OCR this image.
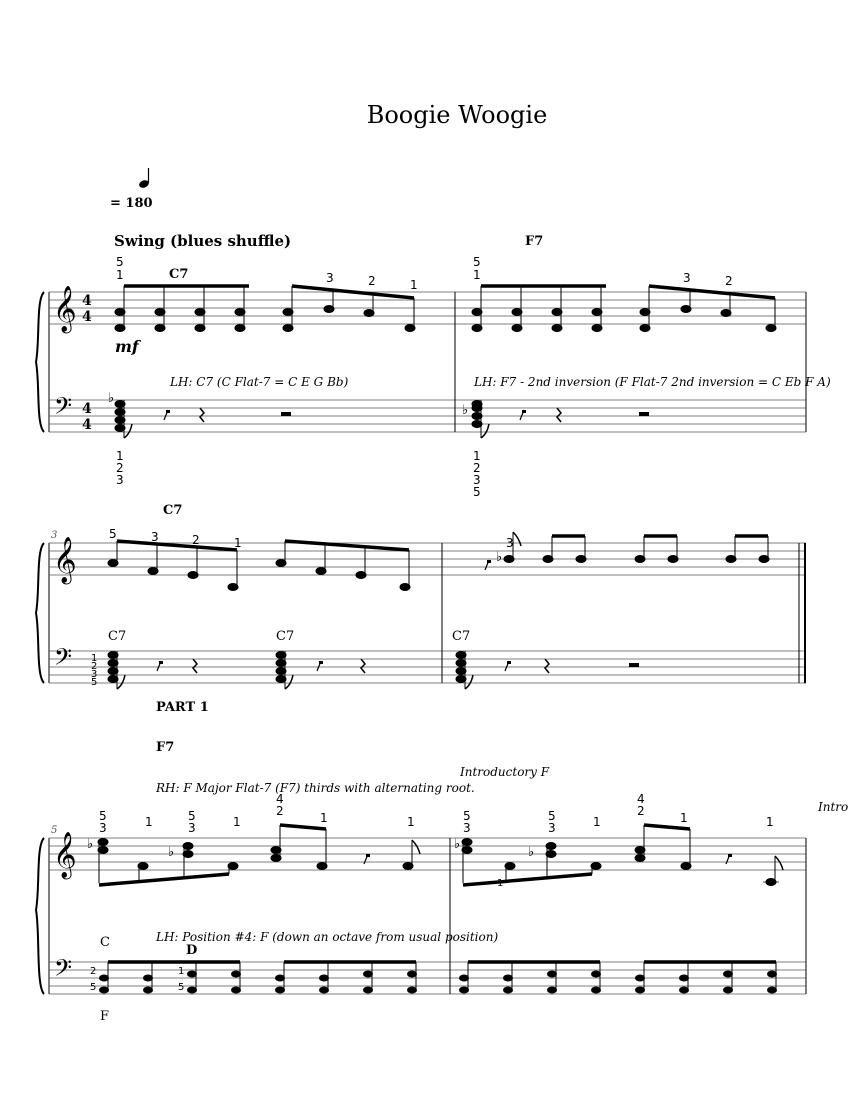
Boogie Woogie
= 180
Swing (blues shuffle)
C7
F7
𝄞
𝄢
4
4
4
4
5
1	3	2	1
5
1	3	2
mf
LH: C7 (C Flat-7 = C E G Bb)	LH: F7 - 2nd inversion (F Flat-7 2nd inversion = C Eb F A)
♭
1
2
3
♭
1
2
3
5
C7
3
𝄞
𝄢
5	3	2	1
♭
3
C7	C7	C7
1
2
3
5
PART 1
F7
Introductory F
RH: F Major Flat-7 (F7) thirds with alternating root.
Intro
5
𝄞
𝄢
♭
♭
5
3	1	5
3	1
4
2	1	1
♭
♭
5
3
1
5
3	1
4
2	1	1
LH: Position #4: F (down an octave from usual position)
C
D
F
2
5
1
5
